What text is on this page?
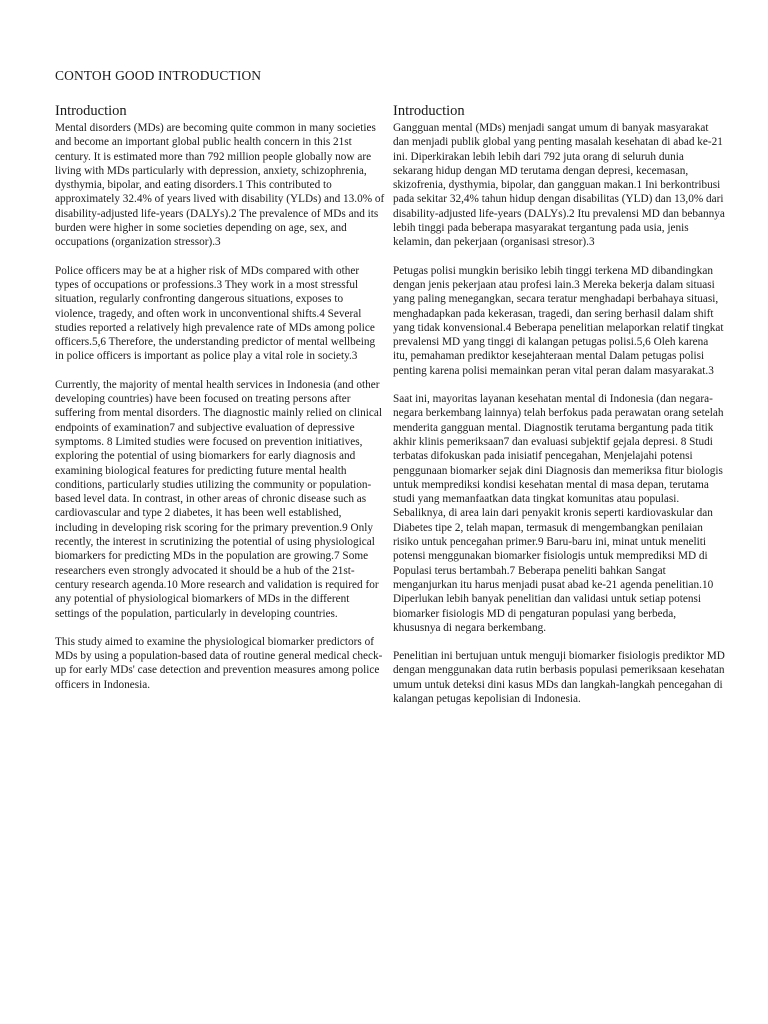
CONTOH GOOD INTRODUCTION
Introduction

Mental disorders (MDs) are becoming quite common in many societies and become an important global public health concern in this 21st century. It is estimated more than 792 million people globally now are living with MDs particularly with depression, anxiety, schizophrenia, dysthymia, bipolar, and eating disorders.1 This contributed to approximately 32.4% of years lived with disability (YLDs) and 13.0% of disability-adjusted life-years (DALYs).2 The prevalence of MDs and its burden were higher in some societies depending on age, sex, and occupations (organization stressor).3

Police officers may be at a higher risk of MDs compared with other types of occupations or professions.3 They work in a most stressful situation, regularly confronting dangerous situations, exposes to violence, tragedy, and often work in unconventional shifts.4 Several studies reported a relatively high prevalence rate of MDs among police officers.5,6 Therefore, the understanding predictor of mental wellbeing in police officers is important as police play a vital role in society.3

Currently, the majority of mental health services in Indonesia (and other developing countries) have been focused on treating persons after suffering from mental disorders. The diagnostic mainly relied on clinical endpoints of examination7 and subjective evaluation of depressive symptoms. 8 Limited studies were focused on prevention initiatives, exploring the potential of using biomarkers for early diagnosis and examining biological features for predicting future mental health conditions, particularly studies utilizing the community or population-based level data. In contrast, in other areas of chronic disease such as cardiovascular and type 2 diabetes, it has been well established, including in developing risk scoring for the primary prevention.9 Only recently, the interest in scrutinizing the potential of using physiological biomarkers for predicting MDs in the population are growing.7 Some researchers even strongly advocated it should be a hub of the 21st-century research agenda.10 More research and validation is required for any potential of physiological biomarkers of MDs in the different settings of the population, particularly in developing countries.

This study aimed to examine the physiological biomarker predictors of MDs by using a population-based data of routine general medical check-up for early MDs' case detection and prevention measures among police officers in Indonesia.

Introduction

Gangguan mental (MDs) menjadi sangat umum di banyak masyarakat dan menjadi publik global yang penting masalah kesehatan di abad ke-21 ini. Diperkirakan lebih lebih dari 792 juta orang di seluruh dunia sekarang hidup dengan MD terutama dengan depresi, kecemasan, skizofrenia, dysthymia, bipolar, dan gangguan makan.1 Ini berkontribusi pada sekitar 32,4% tahun hidup dengan disabilitas (YLD) dan 13,0% dari disability-adjusted life-years (DALYs).2 Itu prevalensi MD dan bebannya lebih tinggi pada beberapa masyarakat tergantung pada usia, jenis kelamin, dan pekerjaan (organisasi stresor).3

Petugas polisi mungkin berisiko lebih tinggi terkena MD dibandingkan dengan jenis pekerjaan atau profesi lain.3 Mereka bekerja dalam situasi yang paling menegangkan, secara teratur menghadapi berbahaya situasi, menghadapkan pada kekerasan, tragedi, dan sering berhasil dalam shift yang tidak konvensional.4 Beberapa penelitian melaporkan relatif tingkat prevalensi MD yang tinggi di kalangan petugas polisi.5,6 Oleh karena itu, pemahaman prediktor kesejahteraan mental Dalam petugas polisi penting karena polisi memainkan peran vital peran dalam masyarakat.3

Saat ini, mayoritas layanan kesehatan mental di Indonesia (dan negara-negara berkembang lainnya) telah berfokus pada perawatan orang setelah menderita gangguan mental. Diagnostik terutama bergantung pada titik akhir klinis pemeriksaan7 dan evaluasi subjektif gejala depresi. 8 Studi terbatas difokuskan pada inisiatif pencegahan, Menjelajahi potensi penggunaan biomarker sejak dini Diagnosis dan memeriksa fitur biologis untuk memprediksi kondisi kesehatan mental di masa depan, terutama studi yang memanfaatkan data tingkat komunitas atau populasi. Sebaliknya, di area lain dari penyakit kronis seperti kardiovaskular dan Diabetes tipe 2, telah mapan, termasuk di mengembangkan penilaian risiko untuk pencegahan primer.9 Baru-baru ini, minat untuk meneliti potensi menggunakan biomarker fisiologis untuk memprediksi MD di Populasi terus bertambah.7 Beberapa peneliti bahkan Sangat menganjurkan itu harus menjadi pusat abad ke-21 agenda penelitian.10 Diperlukan lebih banyak penelitian dan validasi untuk setiap potensi biomarker fisiologis MD di pengaturan populasi yang berbeda, khususnya di negara berkembang.

Penelitian ini bertujuan untuk menguji biomarker fisiologis prediktor MD dengan menggunakan data rutin berbasis populasi pemeriksaan kesehatan umum untuk deteksi dini kasus MDs dan langkah-langkah pencegahan di kalangan petugas kepolisian di Indonesia.
